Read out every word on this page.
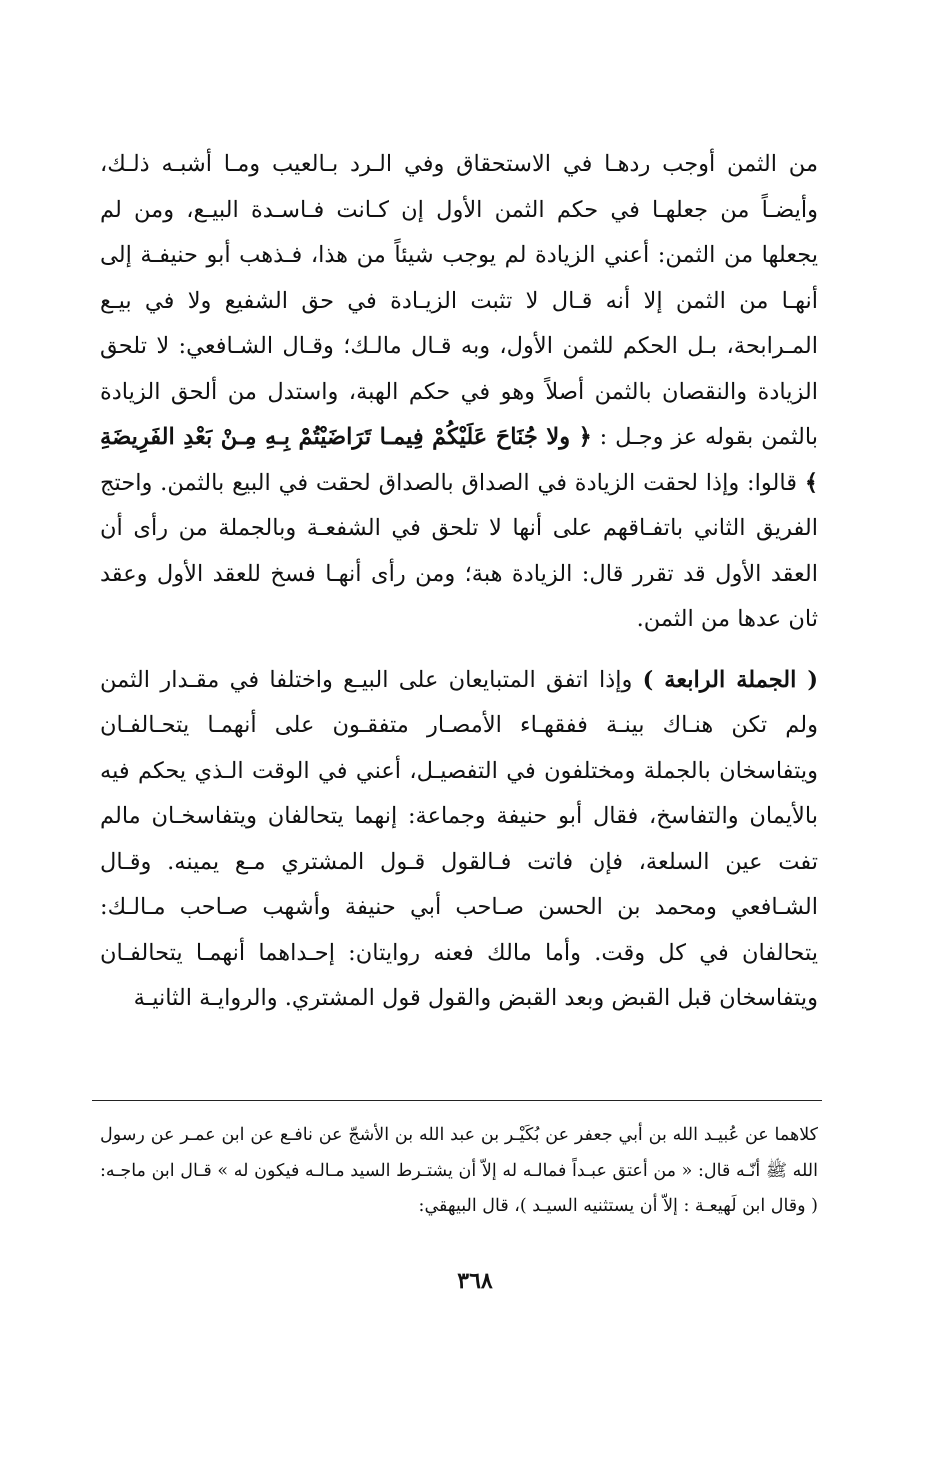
من الثمن أوجب ردهـا في الاستحقاق وفي الـرد بـالعيب ومـا أشبـه ذلـك، وأيضـاً من جعلهـا في حكم الثمن الأول إن كـانت فـاسـدة البيـع، ومن لم يجعلها من الثمن: أعني الزيادة لم يوجب شيئاً من هذا، فـذهب أبو حنيفـة إلى أنهـا من الثمن إلا أنه قـال لا تثبت الزيـادة في حق الشفيع ولا في بيـع المـرابحة، بـل الحكم للثمن الأول، وبه قـال مالـك؛ وقـال الشـافعي: لا تلحق الزيادة والنقصان بالثمن أصلاً وهو في حكم الهبة، واستدل من ألحق الزيادة بالثمن بقوله عز وجـل : ﴿ ولا جُنَاحَ عَلَيْكُمْ فِيمـا تَرَاضَيْتُمْ بِـهِ مِـنْ بَعْدِ الفَرِيضَةِ ﴾ قالوا: وإذا لحقت الزيادة في الصداق بالصداق لحقت في البيع بالثمن. واحتج الفريق الثاني باتفـاقهم على أنها لا تلحق في الشفعـة وبالجملة من رأى أن العقد الأول قد تقرر قال: الزيادة هبة؛ ومن رأى أنهـا فسخ للعقد الأول وعقد ثان عدها من الثمن.

( الجملة الرابعة ) وإذا اتفق المتبايعان على البيـع واختلفا في مقـدار الثمن ولم تكن هنـاك بينـة ففقهـاء الأمصـار متفقـون على أنهمـا يتحـالفـان ويتفاسخان بالجملة ومختلفون في التفصيـل، أعني في الوقت الـذي يحكم فيه بالأيمان والتفاسخ، فقال أبو حنيفة وجماعة: إنهما يتحالفان ويتفاسخـان مالم تفت عين السلعة، فإن فاتت فـالقول قـول المشتري مـع يمينه. وقـال الشـافعي ومحمد بن الحسن صـاحب أبي حنيفة وأشهب صـاحب مـالـك: يتحالفان في كل وقت. وأما مالك فعنه روايتان: إحـداهما أنهمـا يتحالفـان ويتفاسخان قبل القبض وبعد القبض والقول قول المشتري. والروايـة الثانيـة

كلاهما عن عُبيـد الله بن أبي جعفر عن بُكَيْـر بن عبد الله بن الأشجّ عن نافـع عن ابن عمـر عن رسول الله ﷺ أنّـه قال: « من أعتق عبـداً فمالـه له إلاّ أن يشتـرط السيد مـالـه فيكون له » قـال ابن ماجـه: ( وقال ابن لَهيعـة : إلاّ أن يستثنيه السيـد )، قال البيهقي:

٣٦٨
